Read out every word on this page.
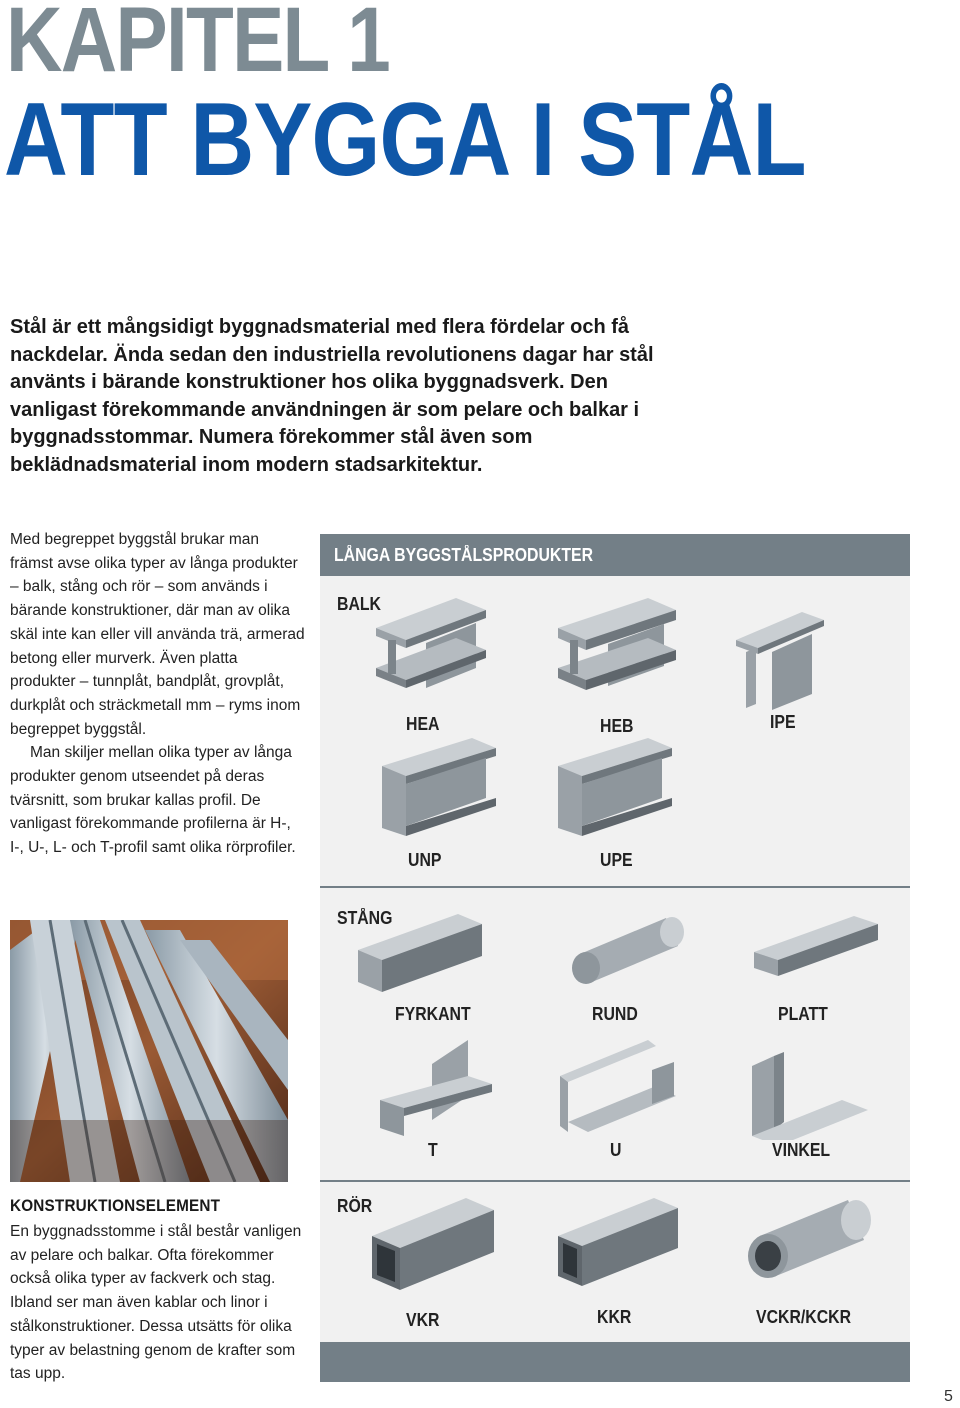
KAPITEL 1
ATT BYGGA I STÅL
Stål är ett mångsidigt byggnadsmaterial med flera fördelar och få nackdelar. Ända sedan den industriella revolutionens dagar har stål använts i bärande konstruktioner hos olika byggnadsverk. Den vanligast förekommande användningen är som pelare och balkar i byggnadsstommar. Numera förekommer stål även som beklädnadsmaterial inom modern stadsarkitektur.

Med begreppet byggstål brukar man främst avse olika typer av långa produkter – balk, stång och rör – som används i bärande konstruktioner, där man av olika skäl inte kan eller vill använda trä, armerad betong eller murverk. Även platta produkter – tunnplåt, bandplåt, grovplåt, durkplåt och sträckmetall mm – ryms inom begreppet byggstål.

Man skiljer mellan olika typer av långa produkter genom utseendet på deras tvärsnitt, som brukar kallas profil. De vanligast förekommande profilerna är H-, I-, U-, L- och T-profil samt olika rörprofiler.

KONSTRUKTIONSELEMENT
En byggnadsstomme i stål består vanligen av pelare och balkar. Ofta förekommer också olika typer av fackverk och stag. Ibland ser man även kablar och linor i stålkonstruktioner. Dessa utsätts för olika typer av belastning genom de krafter som tas upp.
LÅNGA BYGGSTÅLSPRODUKTER
BALK
STÅNG
RÖR
HEA	HEB	IPE
UNP	UPE
FYRKANT	RUND	PLATT
T	U	VINKEL
VKR	KKR	VCKR/KCKR
5
